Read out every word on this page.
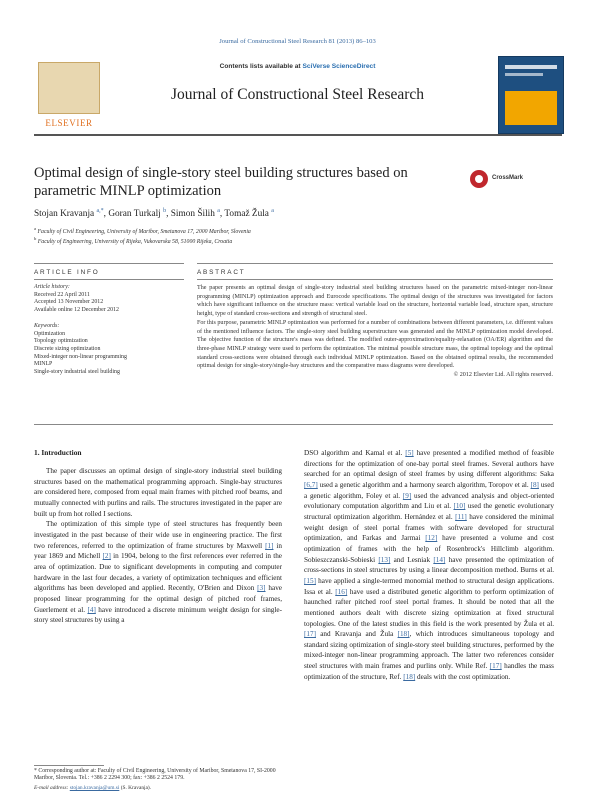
Journal of Constructional Steel Research 81 (2013) 86–103
ELSEVIER
Contents lists available at SciVerse ScienceDirect
Journal of Constructional Steel Research
Optimal design of single-story steel building structures based on parametric MINLP optimization
CrossMark
Stojan Kravanja $^{a,*}$, Goran Turkalj $^b$, Simon Šilih $^a$, Tomaž Žula $^a$
$^a$ Faculty of Civil Engineering, University of Maribor, Smetanova 17, 2000 Maribor, Slovenia
$^b$ Faculty of Engineering, University of Rijeka, Vukovarska 58, 51000 Rijeka, Croatia
ARTICLE INFO	ABSTRACT
Article history:
Received 22 April 2011
Accepted 13 November 2012
Available online 12 December 2012
Keywords:
Optimization
Topology optimization
Discrete sizing optimization
Mixed-integer non-linear programming
MINLP
Single-story industrial steel building

The paper presents an optimal design of single-story industrial steel building structures based on the parametric mixed-integer non-linear programming (MINLP) optimization approach and Eurocode specifications. The optimal design of the structures was investigated for factors which have significant influence on the structure mass: vertical variable load on the structure, horizontal variable load, structure span, structure height, type of standard cross-sections and strength of structural steel.

For this purpose, parametric MINLP optimization was performed for a number of combinations between different parameters, i.e. different values of the mentioned influence factors. The single-story steel building superstructure was generated and the MINLP optimization model developed. The objective function of the structure's mass was defined. The modified outer-approximation/equality-relaxation (OA/ER) algorithm and the three-phase MINLP strategy were used to perform the optimization. The minimal possible structure mass, the optimal topology and the optimal standard cross-sections were obtained through each individual MINLP optimization. Based on the obtained optimal results, the recommended optimal design for single-story/single-bay structures and the comparative mass diagrams were developed.

© 2012 Elsevier Ltd. All rights reserved.

1. Introduction

The paper discusses an optimal design of single-story industrial steel building structures based on the mathematical programming approach. Single-bay structures are considered here, composed from equal main frames with pitched roof beams, and mutually connected with purlins and rails. The structures investigated in the paper are built up from hot rolled I sections.

The optimization of this simple type of steel structures has frequently been investigated in the past because of their wide use in engineering practice. The first two references, referred to the optimization of frame structures by Maxwell [1] in year 1869 and Michell [2] in 1904, belong to the first references ever referred in the area of optimization. Due to significant developments in computing and computer hardware in the last four decades, a variety of optimization techniques and efficient algorithms has been developed and applied. Recently, O'Brien and Dixon [3] have proposed linear programming for the optimal design of pitched roof frames, Guerlement et al. [4] have introduced a discrete minimum weight design for single-story steel structures by using a

DSO algorithm and Kamal et al. [5] have presented a modified method of feasible directions for the optimization of one-bay portal steel frames. Several authors have searched for an optimal design of steel frames by using different algorithms: Saka [6,7] used a genetic algorithm and a harmony search algorithm, Toropov et al. [8] used a genetic algorithm, Foley et al. [9] used the advanced analysis and object-oriented evolutionary computation algorithm and Liu et al. [10] used the genetic evolutionary structural optimization algorithm. Hernández et al. [11] have considered the minimal weight design of steel portal frames with software developed for structural optimization, and Farkas and Jarmai [12] have presented a volume and cost optimization of frames with the help of Rosenbrock's Hillclimb algorithm. Sobieszczanski-Sobieski [13] and Lesniak [14] have presented the optimization of cross-sections in steel structures by using a linear decomposition method. Burns et al. [15] have applied a single-termed monomial method to structural design applications. Issa et al. [16] have used a distributed genetic algorithm to perform optimization of haunched rafter pitched roof steel portal frames. It should be noted that all the mentioned authors dealt with discrete sizing optimization at fixed structural topologies. One of the latest studies in this field is the work presented by Žula et al. [17] and Kravanja and Žula [18], which introduces simultaneous topology and standard sizing optimization of single-story steel building structures, performed by the mixed-integer non-linear programming approach. The latter two references consider steel structures with main frames and purlins only. While Ref. [17] handles the mass optimization of the structure, Ref. [18] deals with the cost optimization.

* Corresponding author at: Faculty of Civil Engineering, University of Maribor, Smetanova 17, SI-2000 Maribor, Slovenia. Tel.: +386 2 2294 300; fax: +386 2 2524 179.
E-mail address: stojan.kravanja@um.si (S. Kravanja).
